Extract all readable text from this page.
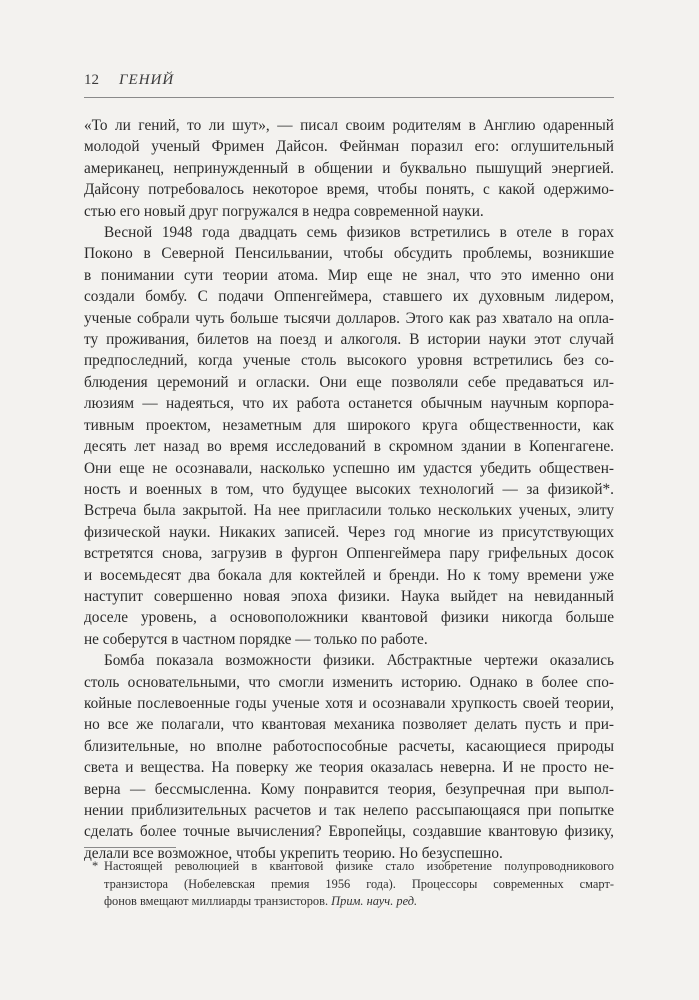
12 ГЕНИЙ
«То ли гений, то ли шут», — писал своим родителям в Англию одаренный
молодой ученый Фримен Дайсон. Фейнман поразил его: оглушительный
американец, непринужденный в общении и буквально пышущий энергией.
Дайсону потребовалось некоторое время, чтобы понять, с какой одержимо-
стью его новый друг погружался в недра современной науки.
Весной 1948 года двадцать семь физиков встретились в отеле в горах
Поконо в Северной Пенсильвании, чтобы обсудить проблемы, возникшие
в понимании сути теории атома. Мир еще не знал, что это именно они
создали бомбу. С подачи Оппенгеймера, ставшего их духовным лидером,
ученые собрали чуть больше тысячи долларов. Этого как раз хватало на опла-
ту проживания, билетов на поезд и алкоголя. В истории науки этот случай
предпоследний, когда ученые столь высокого уровня встретились без со-
блюдения церемоний и огласки. Они еще позволяли себе предаваться ил-
люзиям — надеяться, что их работа останется обычным научным корпора-
тивным проектом, незаметным для широкого круга общественности, как
десять лет назад во время исследований в скромном здании в Копенгагене.
Они еще не осознавали, насколько успешно им удастся убедить обществен-
ность и военных в том, что будущее высоких технологий — за физикой*.
Встреча была закрытой. На нее пригласили только нескольких ученых, элиту
физической науки. Никаких записей. Через год многие из присутствующих
встретятся снова, загрузив в фургон Оппенгеймера пару грифельных досок
и восемьдесят два бокала для коктейлей и бренди. Но к тому времени уже
наступит совершенно новая эпоха физики. Наука выйдет на невиданный
доселе уровень, а основоположники квантовой физики никогда больше
не соберутся в частном порядке — только по работе.
Бомба показала возможности физики. Абстрактные чертежи оказались
столь основательными, что смогли изменить историю. Однако в более спо-
койные послевоенные годы ученые хотя и осознавали хрупкость своей теории,
но все же полагали, что квантовая механика позволяет делать пусть и при-
близительные, но вполне работоспособные расчеты, касающиеся природы
света и вещества. На поверку же теория оказалась неверна. И не просто не-
верна — бессмысленна. Кому понравится теория, безупречная при выпол-
нении приблизительных расчетов и так нелепо рассыпающаяся при попытке
сделать более точные вычисления? Европейцы, создавшие квантовую физику,
делали все возможное, чтобы укрепить теорию. Но безуспешно.
* Настоящей революцией в квантовой физике стало изобретение полупроводникового
транзистора (Нобелевская премия 1956 года). Процессоры современных смарт-
фонов вмещают миллиарды транзисторов. Прим. науч. ред.
